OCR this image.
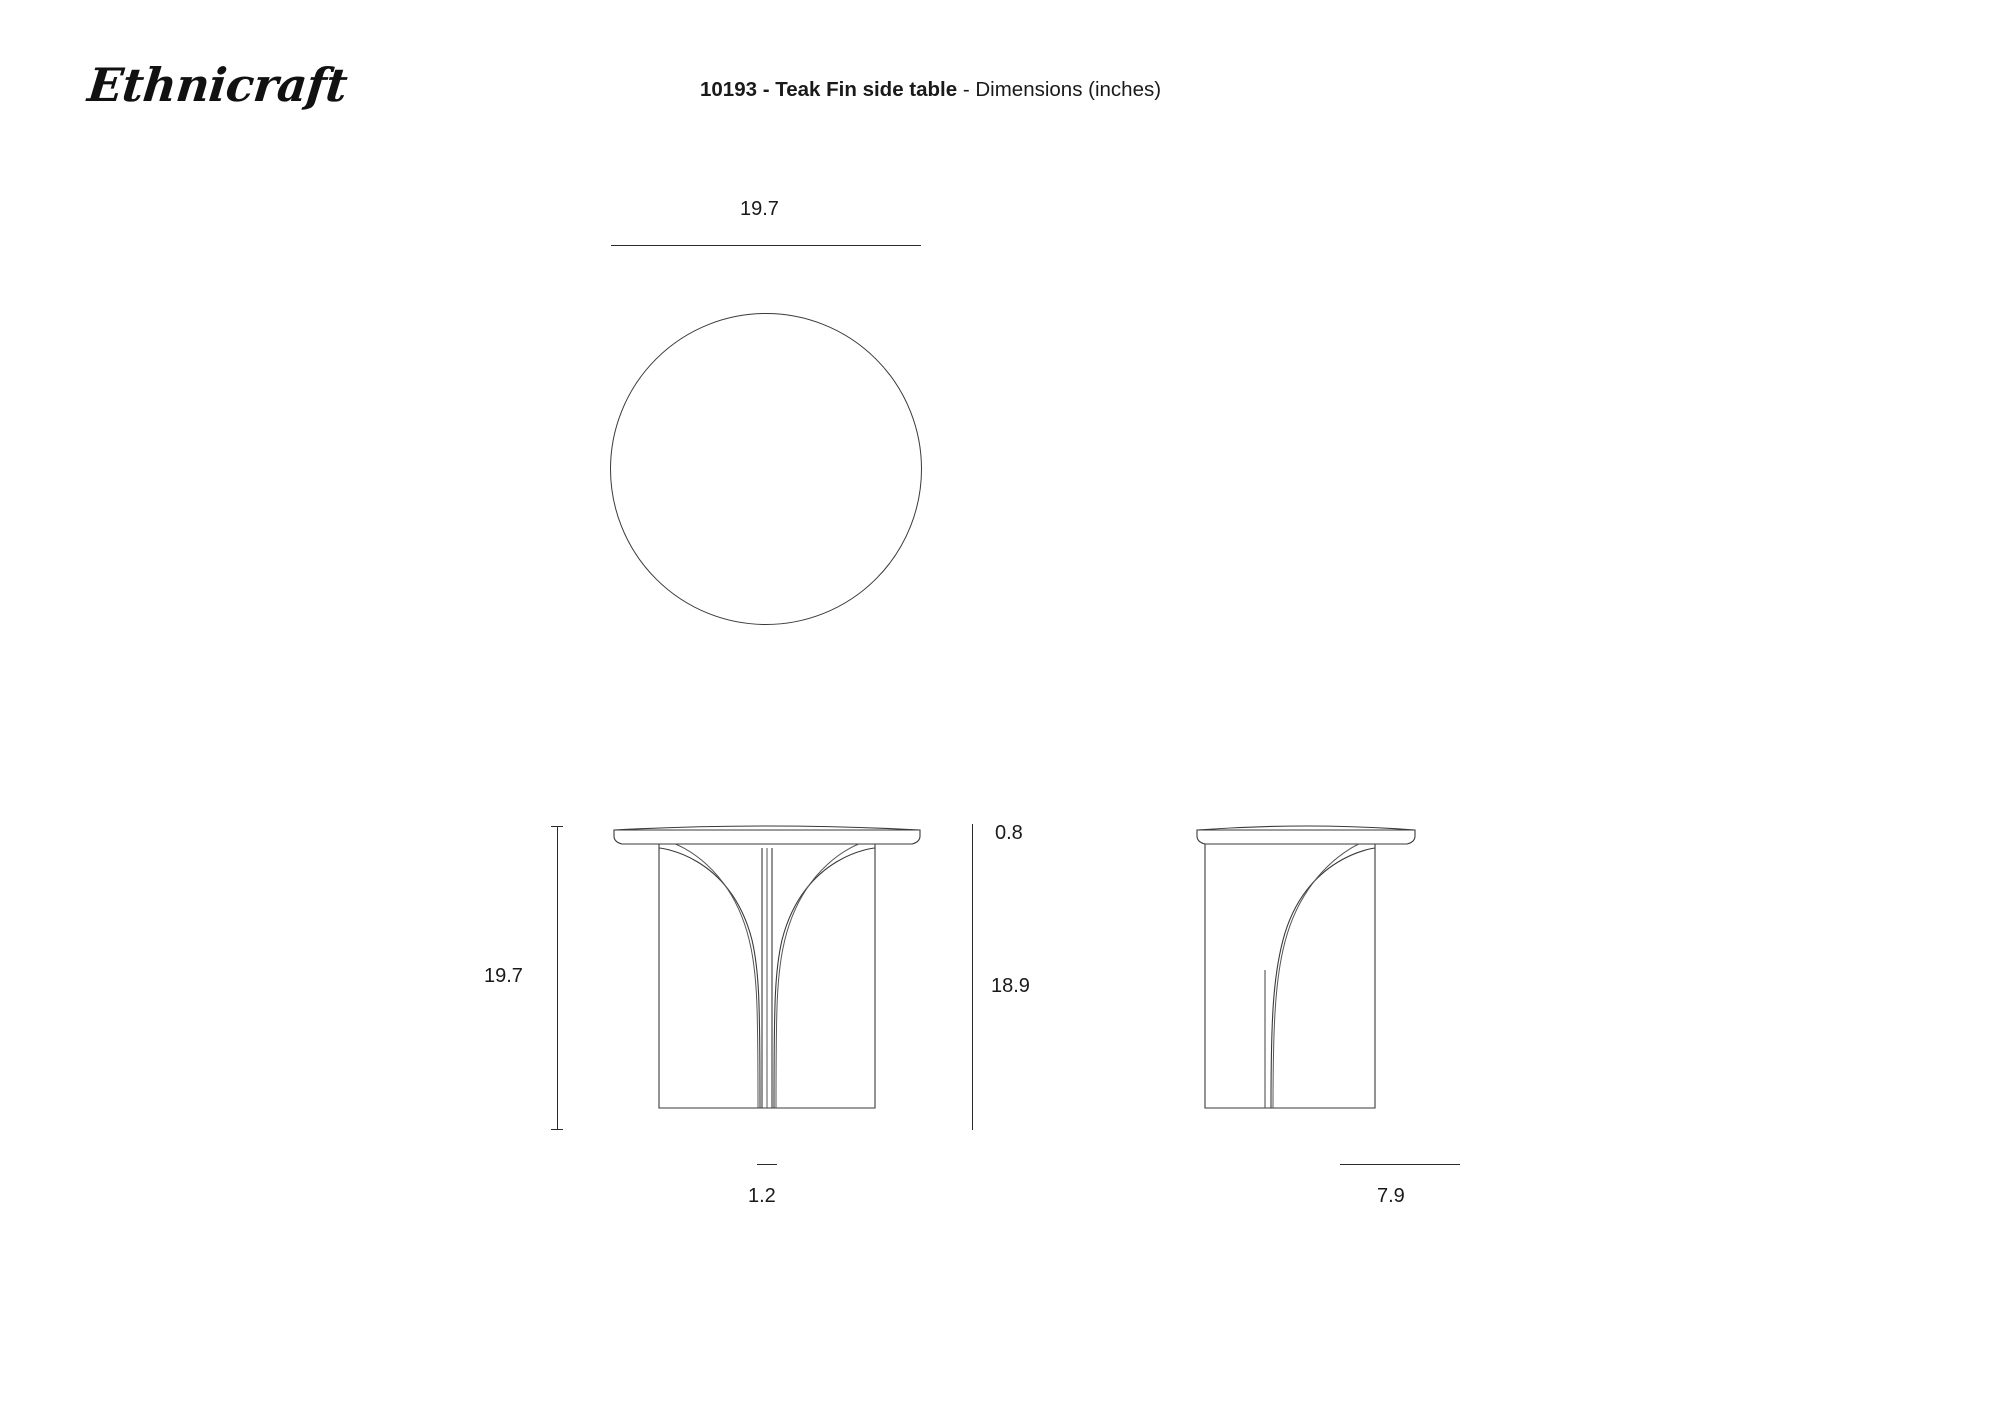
Ethnicraft	10193 - Teak Fin side table - Dimensions (inches)
19.7
19.7
0.8
18.9
1.2	7.9
